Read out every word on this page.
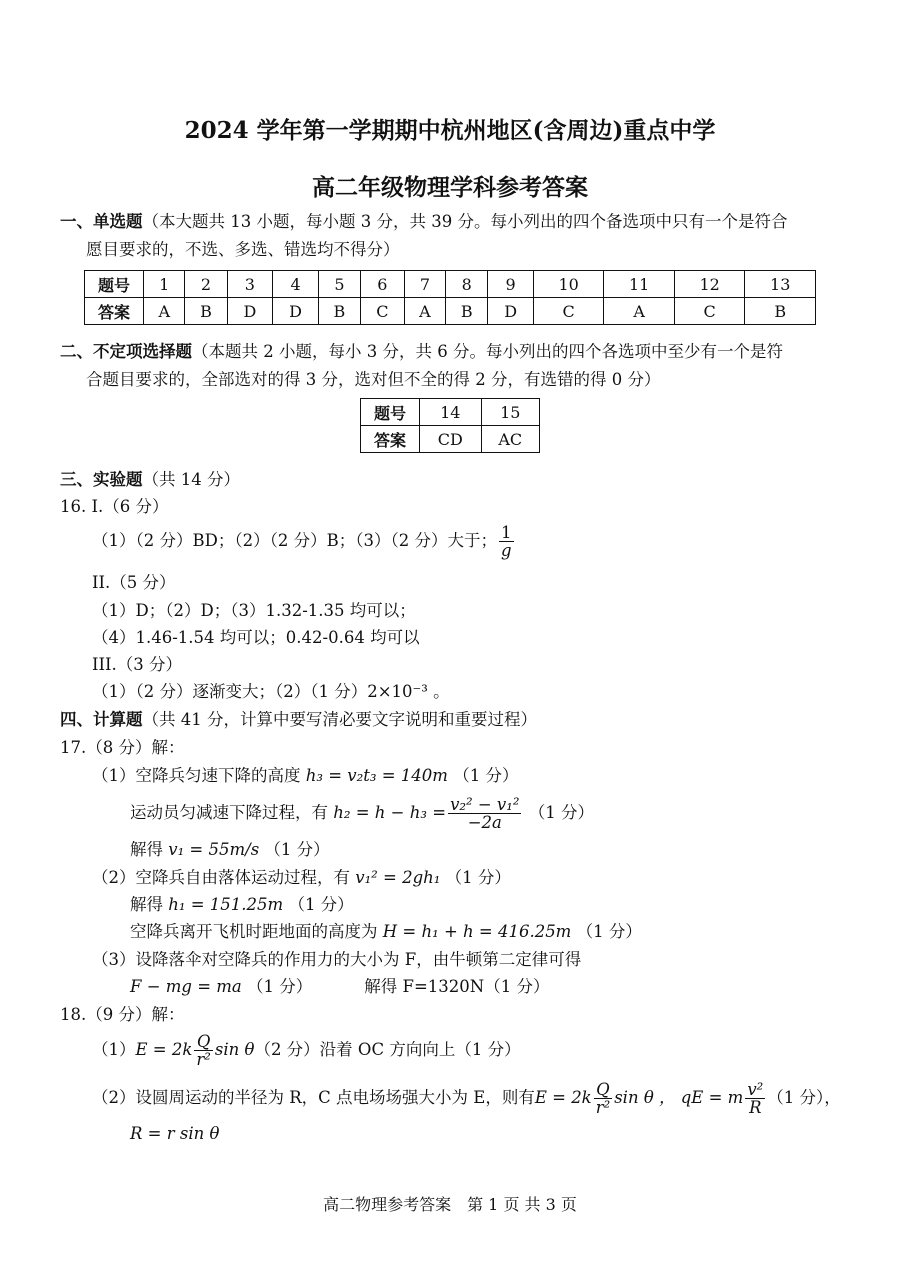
2024 学年第一学期期中杭州地区(含周边)重点中学
高二年级物理学科参考答案
一、单选题（本大题共 13 小题，每小题 3 分，共 39 分。每小列出的四个备选项中只有一个是符合
愿目要求的，不选、多选、错选均不得分）
题号	1	2	3	4	5	6	7	8	9	10	11	12	13
答案	A	B	D	D	B	C	A	B	D	C	A	C	B
二、不定项选择题（本题共 2 小题，每小 3 分，共 6 分。每小列出的四个各选项中至少有一个是符
合题目要求的，全部选对的得 3 分，选对但不全的得 2 分，有选错的得 0 分）
题号	14	15
答案	CD	AC
三、实验题（共 14 分）
16. I.（6 分）
（1）（2 分）BD；（2）（2 分）B；（3）（2 分）大于； $\frac{1}{g}$
II.（5 分）
（1）D；（2）D；（3）1.32-1.35 均可以；
（4）1.46-1.54 均可以；0.42-0.64 均可以
III.（3 分）
（1）（2 分）逐渐变大；（2）（1 分）2×10⁻³ 。
四、计算题（共 41 分，计算中要写清必要文字说明和重要过程）
17.（8 分）解：
（1）空降兵匀速下降的高度 h₃ = v₂t₃ = 140m （1 分）
运动员匀减速下降过程，有 $h_2 = h - h_3 = \frac{\text{v₂² − v₁²}}{-2a} (1$ 分）
解得 v₁ = 55m/s （1 分）
（2）空降兵自由落体运动过程，有 v₁² = 2gh₁ （1 分）
解得 h₁ = 151.25m （1 分）
空降兵离开飞机时距地面的高度为 H = h₁ + h = 416.25m （1 分）
（3）设降落伞对空降兵的作用力的大小为 F，由牛顿第二定律可得
F − mg = ma （1 分）	解得 F=1320N（1 分）
18.（9 分）解：
$(1)E = 2k \frac{Q}{\text{r²}}$ sin θ（2 分）沿着 OC 方向向上（1 分）
（2）设圆周运动的半径为 R，C 点电场场强大小为 E，则有$E = 2k \frac{Q}{\text{r²}}$ sin θ ， qE = m $\frac{\text{v²}}{R} (1$ 分），
R = r sin θ
高二物理参考答案　第 1 页 共 3 页
